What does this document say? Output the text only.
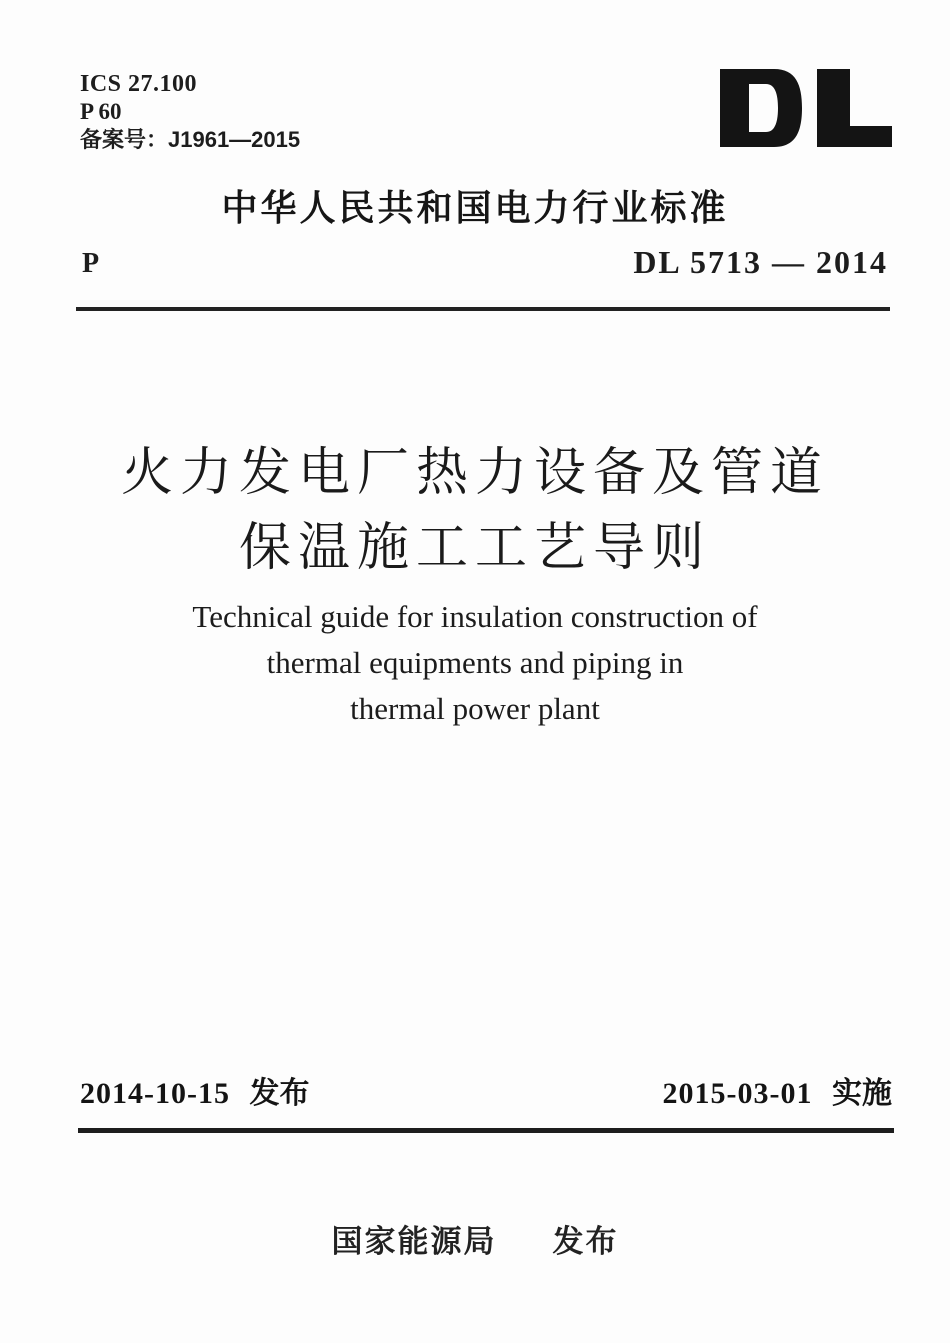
ICS 27.100
P 60
备案号：J1961—2015
中华人民共和国电力行业标准
P	DL 5713 — 2014
火力发电厂热力设备及管道
保温施工工艺导则
Technical guide for insulation construction of
thermal equipments and piping in
thermal power plant
2014-10-15 发布	2015-03-01 实施
国家能源局 发布
